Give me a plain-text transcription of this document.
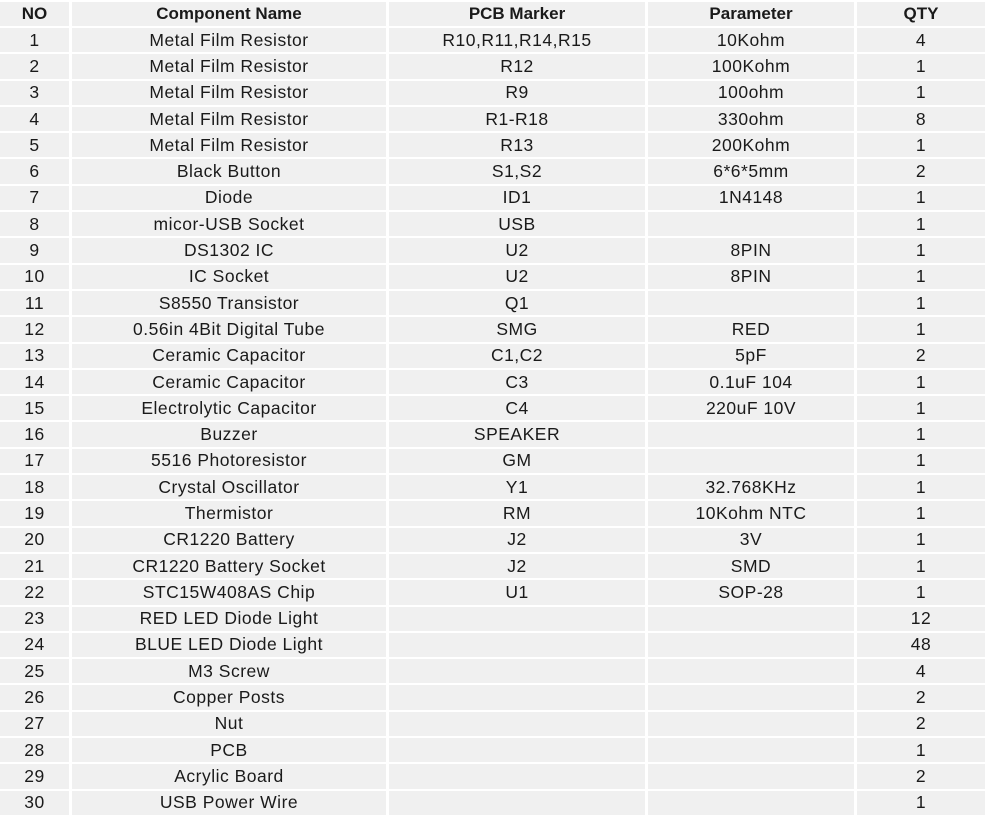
NO	Component Name	PCB Marker	Parameter	QTY
1	Metal Film Resistor	R10,R11,R14,R15	10Kohm	4
2	Metal Film Resistor	R12	100Kohm	1
3	Metal Film Resistor	R9	100ohm	1
4	Metal Film Resistor	R1-R18	330ohm	8
5	Metal Film Resistor	R13	200Kohm	1
6	Black Button	S1,S2	6*6*5mm	2
7	Diode	ID1	1N4148	1
8	micor-USB Socket	USB		1
9	DS1302 IC	U2	8PIN	1
10	IC Socket	U2	8PIN	1
11	S8550 Transistor	Q1		1
12	0.56in 4Bit Digital Tube	SMG	RED	1
13	Ceramic Capacitor	C1,C2	5pF	2
14	Ceramic Capacitor	C3	0.1uF 104	1
15	Electrolytic Capacitor	C4	220uF 10V	1
16	Buzzer	SPEAKER		1
17	5516 Photoresistor	GM		1
18	Crystal Oscillator	Y1	32.768KHz	1
19	Thermistor	RM	10Kohm NTC	1
20	CR1220 Battery	J2	3V	1
21	CR1220 Battery Socket	J2	SMD	1
22	STC15W408AS Chip	U1	SOP-28	1
23	RED LED Diode Light			12
24	BLUE LED Diode Light			48
25	M3 Screw			4
26	Copper Posts			2
27	Nut			2
28	PCB			1
29	Acrylic Board			2
30	USB Power Wire			1
